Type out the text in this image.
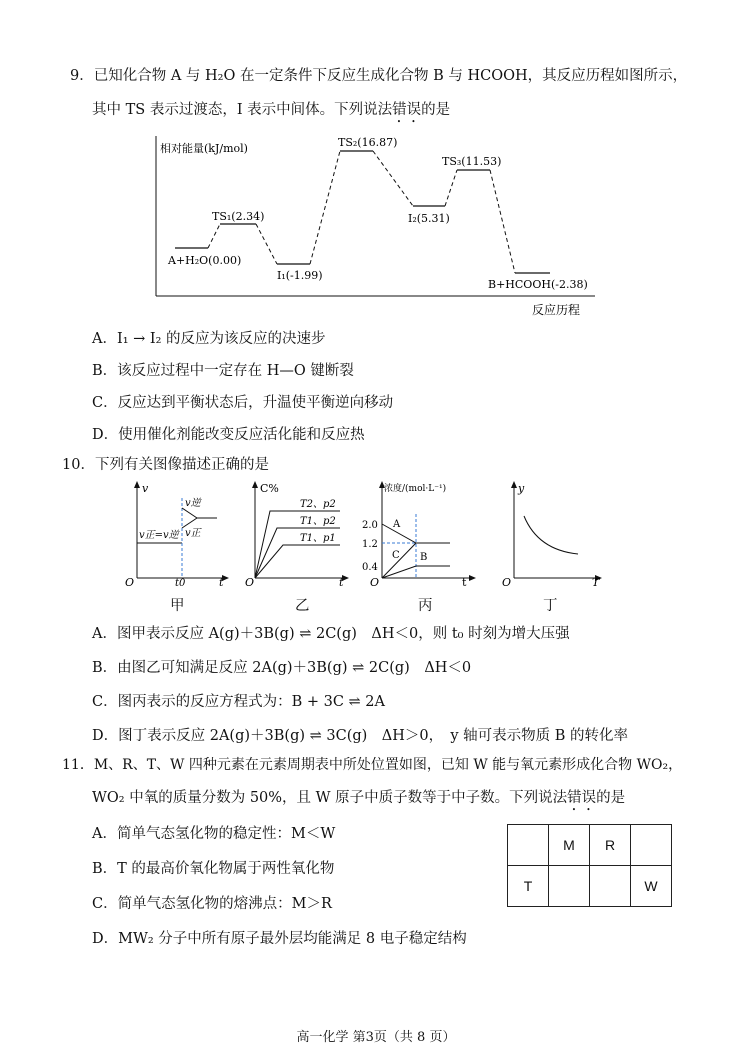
9．已知化合物 A 与 H₂O 在一定条件下反应生成化合物 B 与 HCOOH，其反应历程如图所示，
其中 TS 表示过渡态，I 表示中间体。下列说法错误的是
相对能量(kJ/mol)
反应历程
A+H₂O(0.00)
TS₁(2.34)
I₁(-1.99)
TS₂(16.87)
I₂(5.31)
TS₃(11.53)
B+HCOOH(-2.38)
A．I₁ → I₂ 的反应为该反应的决速步
B．该反应过程中一定存在 H—O 键断裂
C．反应达到平衡状态后，升温使平衡逆向移动
D．使用催化剂能改变反应活化能和反应热
10．下列有关图像描述正确的是
v
O	t
t0
v正=v逆
v逆
v正
C%
O	t
T2、p2
T1、p2
T1、p1
浓度/(mol·L⁻¹)
O	t
2.0
1.2
0.4
A
C B
y
O	T
甲	乙	丙	丁
A．图甲表示反应 A(g)＋3B(g) ⇌ 2C(g)　ΔH＜0，则 t₀ 时刻为增大压强
B．由图乙可知满足反应 2A(g)＋3B(g) ⇌ 2C(g)　ΔH＜0
C．图丙表示的反应方程式为：B + 3C ⇌ 2A
D．图丁表示反应 2A(g)＋3B(g) ⇌ 3C(g)　ΔH＞0，　y 轴可表示物质 B 的转化率
11．M、R、T、W 四种元素在元素周期表中所处位置如图，已知 W 能与氧元素形成化合物 WO₂，
WO₂ 中氧的质量分数为 50%，且 W 原子中质子数等于中子数。下列说法错误的是
A．简单气态氢化物的稳定性：M＜W
B．T 的最高价氧化物属于两性氧化物
C．简单气态氢化物的熔沸点：M＞R
D．MW₂ 分子中所有原子最外层均能满足 8 电子稳定结构
	M	R	
T			W
高一化学 第3页（共 8 页）
